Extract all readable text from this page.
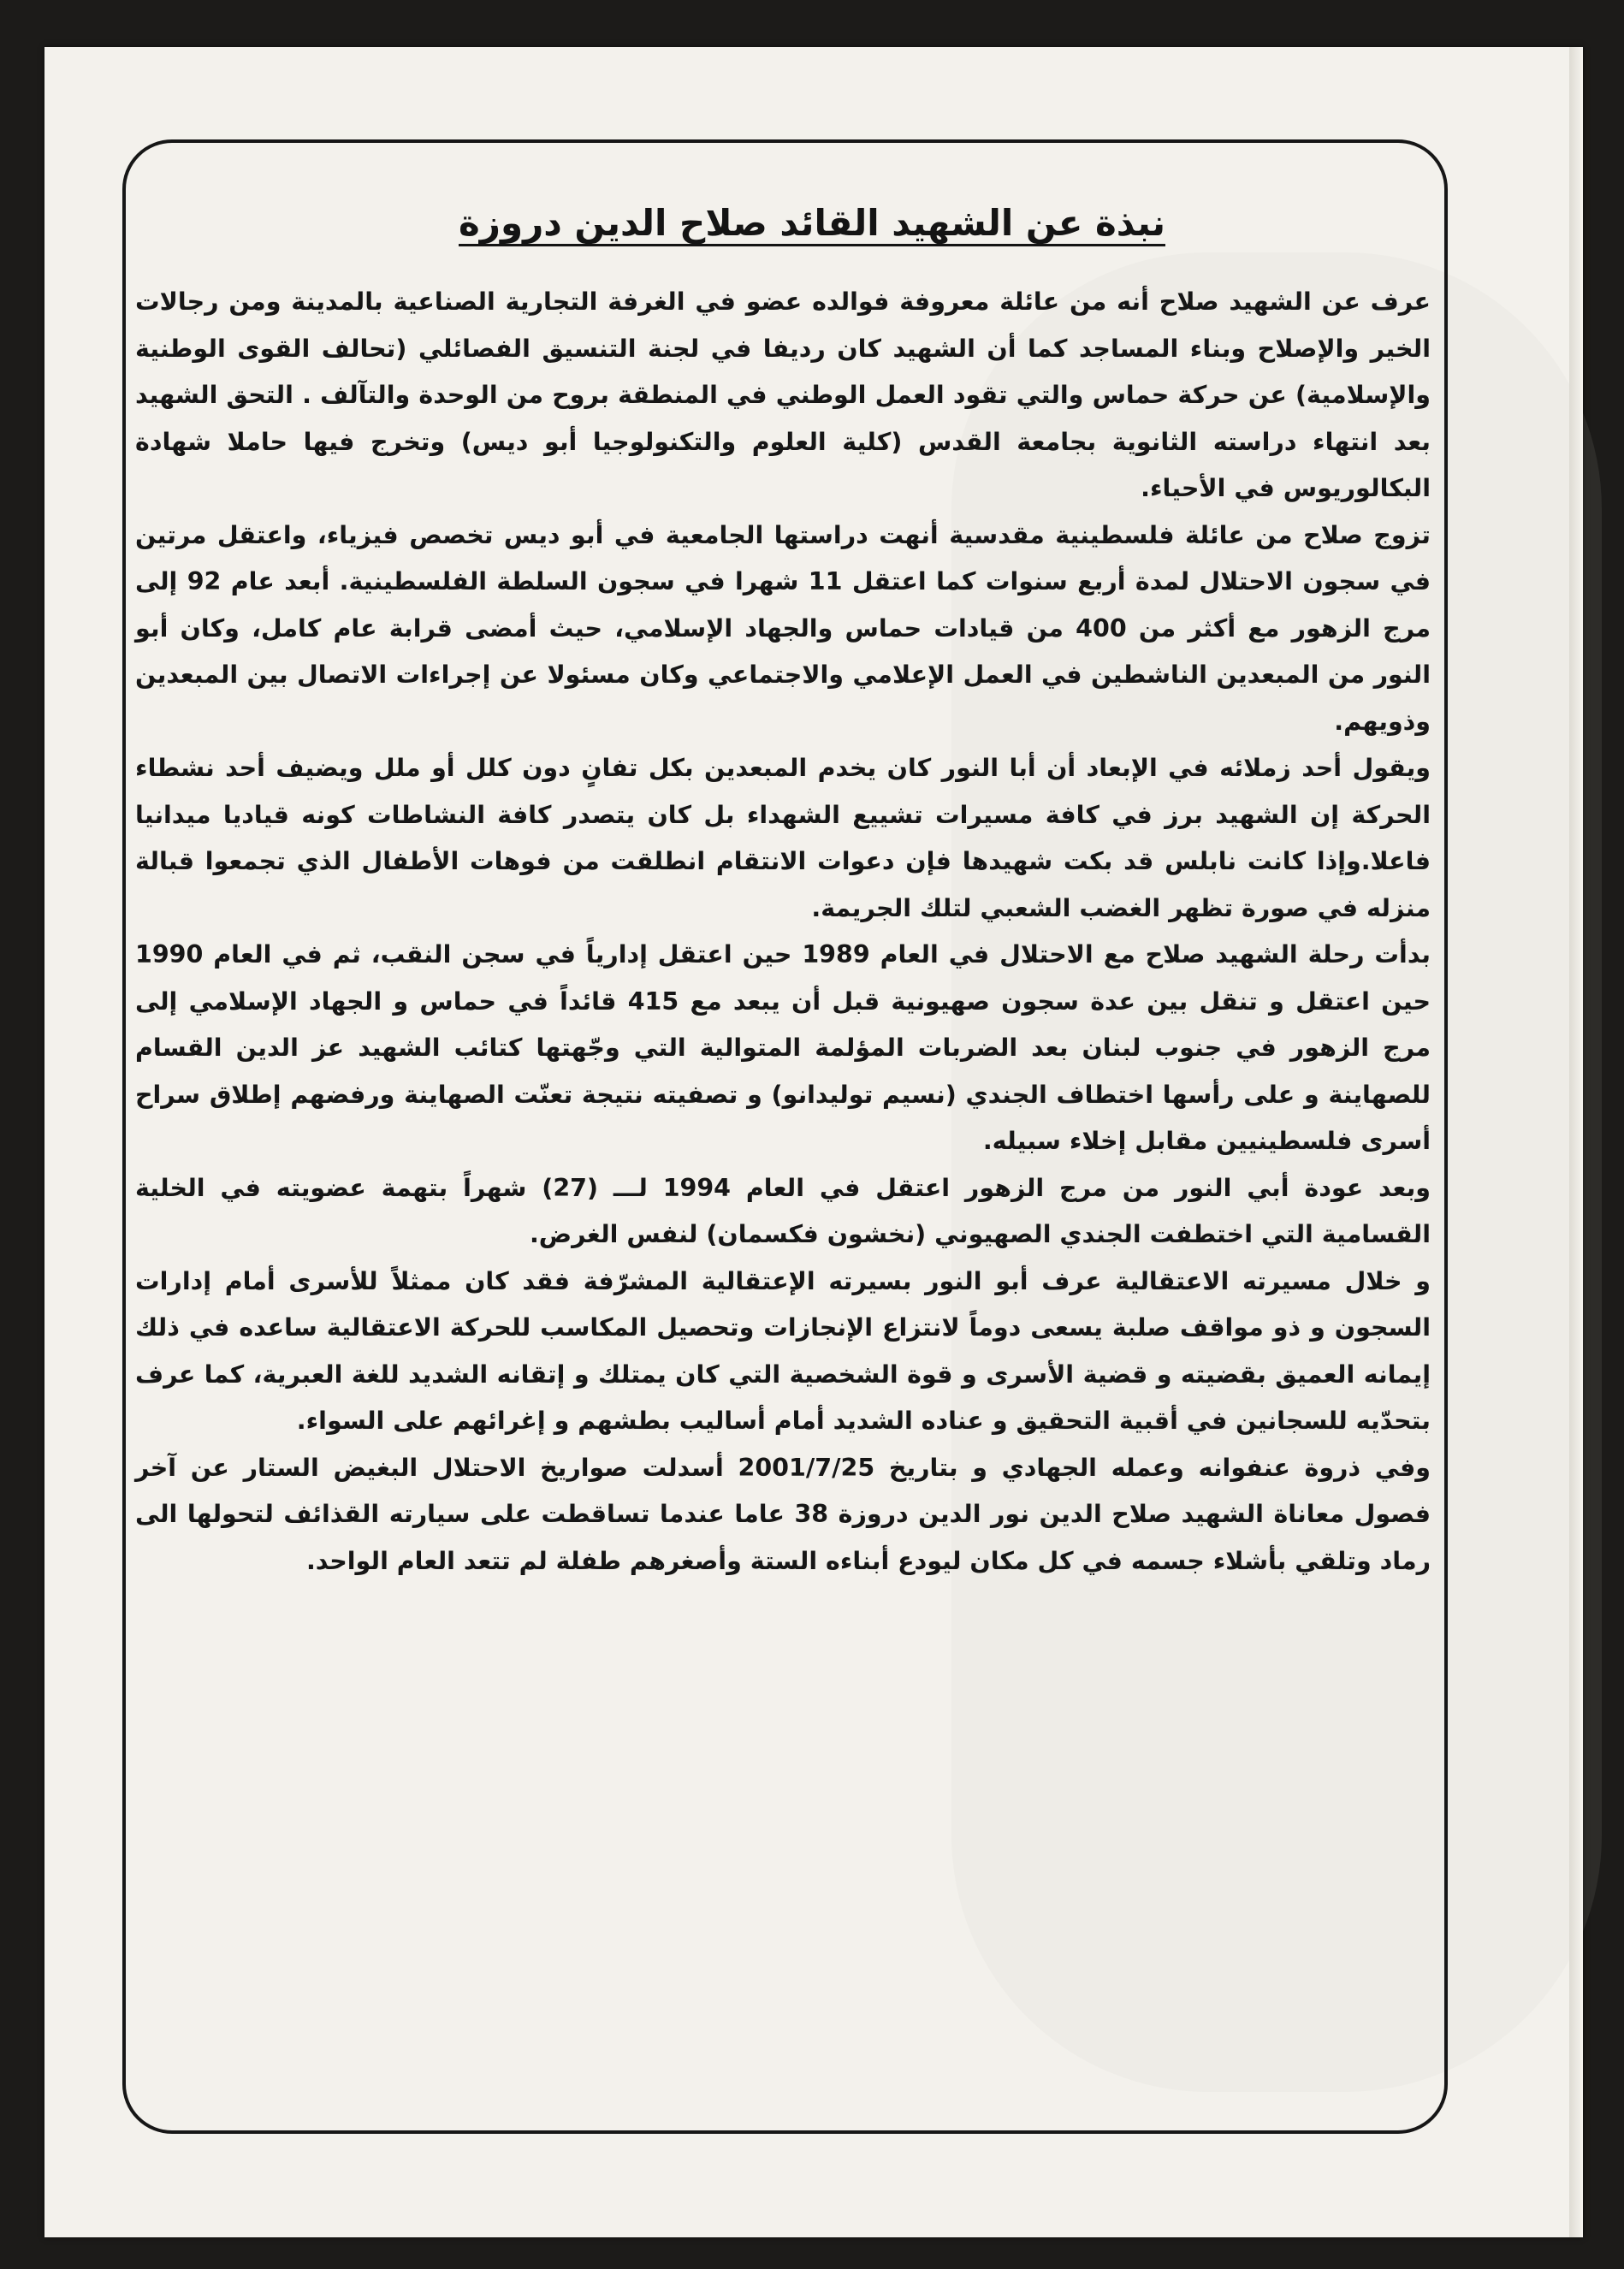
نبذة عن الشهيد القائد صلاح الدين دروزة

عرف عن الشهيد صلاح أنه من عائلة معروفة فوالده عضو في الغرفة التجارية الصناعية بالمدينة ومن رجالات الخير والإصلاح وبناء المساجد كما أن الشهيد كان رديفا في لجنة التنسيق الفصائلي (تحالف القوى الوطنية والإسلامية) عن حركة حماس والتي تقود العمل الوطني في المنطقة بروح من الوحدة والتآلف . التحق الشهيد بعد انتهاء دراسته الثانوية بجامعة القدس (كلية العلوم والتكنولوجيا أبو ديس) وتخرج فيها حاملا شهادة البكالوريوس في الأحياء.

تزوج صلاح من عائلة فلسطينية مقدسية أنهت دراستها الجامعية في أبو ديس تخصص فيزياء، واعتقل مرتين في سجون الاحتلال لمدة أربع سنوات كما اعتقل 11 شهرا في سجون السلطة الفلسطينية. أبعد عام 92 إلى مرج الزهور مع أكثر من 400 من قيادات حماس والجهاد الإسلامي، حيث أمضى قرابة عام كامل، وكان أبو النور من المبعدين الناشطين في العمل الإعلامي والاجتماعي وكان مسئولا عن إجراءات الاتصال بين المبعدين وذويهم.

ويقول أحد زملائه في الإبعاد أن أبا النور كان يخدم المبعدين بكل تفانٍ دون كلل أو ملل ويضيف أحد نشطاء الحركة إن الشهيد برز في كافة مسيرات تشييع الشهداء بل كان يتصدر كافة النشاطات كونه قياديا ميدانيا فاعلا.وإذا كانت نابلس قد بكت شهيدها فإن دعوات الانتقام انطلقت من فوهات الأطفال الذي تجمعوا قبالة منزله في صورة تظهر الغضب الشعبي لتلك الجريمة.

بدأت رحلة الشهيد صلاح مع الاحتلال في العام 1989 حين اعتقل إدارياً في سجن النقب، ثم في العام 1990 حين اعتقل و تنقل بين عدة سجون صهيونية قبل أن يبعد مع 415 قائداً في حماس و الجهاد الإسلامي إلى مرج الزهور في جنوب لبنان بعد الضربات المؤلمة المتوالية التي وجّهتها كتائب الشهيد عز الدين القسام للصهاينة و على رأسها اختطاف الجندي (نسيم توليدانو) و تصفيته نتيجة تعنّت الصهاينة ورفضهم إطلاق سراح أسرى فلسطينيين مقابل إخلاء سبيله.

وبعد عودة أبي النور من مرج الزهور اعتقل في العام 1994 لـــ (27) شهراً بتهمة عضويته في الخلية القسامية التي اختطفت الجندي الصهيوني (نخشون فكسمان) لنفس الغرض.

و خلال مسيرته الاعتقالية عرف أبو النور بسيرته الإعتقالية المشرّفة فقد كان ممثلاً للأسرى أمام إدارات السجون و ذو مواقف صلبة يسعى دوماً لانتزاع الإنجازات وتحصيل المكاسب للحركة الاعتقالية ساعده في ذلك إيمانه العميق بقضيته و قضية الأسرى و قوة الشخصية التي كان يمتلك و إتقانه الشديد للغة العبرية، كما عرف بتحدّيه للسجانين في أقبية التحقيق و عناده الشديد أمام أساليب بطشهم و إغرائهم على السواء.

وفي ذروة عنفوانه وعمله الجهادي و بتاريخ 2001/7/25 أسدلت صواريخ الاحتلال البغيض الستار عن آخر فصول معاناة الشهيد صلاح الدين نور الدين دروزة 38 عاما عندما تساقطت على سيارته القذائف لتحولها الى رماد وتلقي بأشلاء جسمه في كل مكان ليودع أبناءه الستة وأصغرهم طفلة لم تتعد العام الواحد.
